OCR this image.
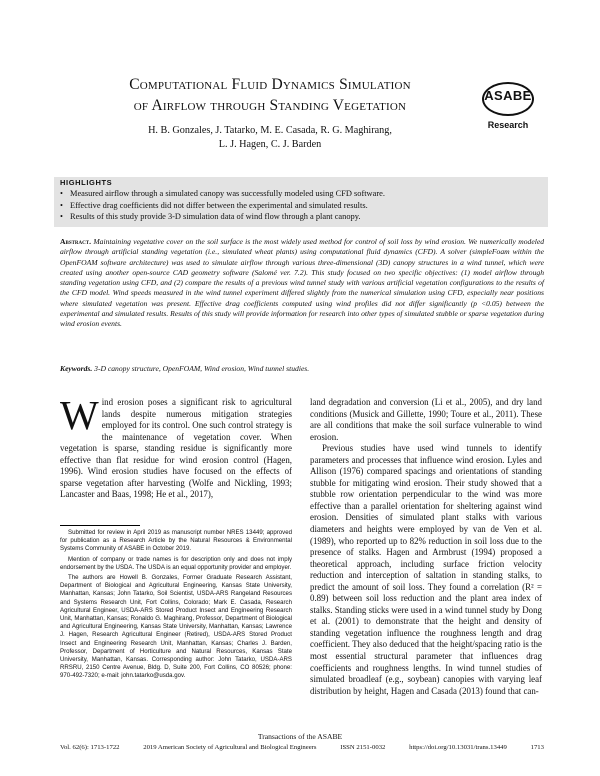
Computational Fluid Dynamics Simulation
of Airflow through Standing Vegetation
H. B. Gonzales, J. Tatarko, M. E. Casada, R. G. Maghirang,
L. J. Hagen, C. J. Barden
ASABE
Research
HIGHLIGHTS
• Measured airflow through a simulated canopy was successfully modeled using CFD software.
• Effective drag coefficients did not differ between the experimental and simulated results.
• Results of this study provide 3-D simulation data of wind flow through a plant canopy.

Abstract. Maintaining vegetative cover on the soil surface is the most widely used method for control of soil loss by wind erosion. We numerically modeled airflow through artificial standing vegetation (i.e., simulated wheat plants) using computational fluid dynamics (CFD). A solver (simpleFoam within the OpenFOAM software architecture) was used to simulate airflow through various three-dimensional (3D) canopy structures in a wind tunnel, which were created using another open-source CAD geometry software (Salomé ver. 7.2). This study focused on two specific objectives: (1) model airflow through standing vegetation using CFD, and (2) compare the results of a previous wind tunnel study with various artificial vegetation configurations to the results of the CFD model. Wind speeds measured in the wind tunnel experiment differed slightly from the numerical simulation using CFD, especially near positions where simulated vegetation was present. Effective drag coefficients computed using wind profiles did not differ significantly (p <0.05) between the experimental and simulated results. Results of this study will provide information for research into other types of simulated stubble or sparse vegetation during wind erosion events.

Keywords. 3-D canopy structure, OpenFOAM, Wind erosion, Wind tunnel studies.

Wind erosion poses a significant risk to agricultural lands despite numerous mitigation strategies employed for its control. One such control strategy is the maintenance of vegetation cover. When vegetation is sparse, standing residue is significantly more effective than flat residue for wind erosion control (Hagen, 1996). Wind erosion studies have focused on the effects of sparse vegetation after harvesting (Wolfe and Nickling, 1993; Lancaster and Baas, 1998; He et al., 2017),

land degradation and conversion (Li et al., 2005), and dry land conditions (Musick and Gillette, 1990; Toure et al., 2011). These are all conditions that make the soil surface vulnerable to wind erosion.

Previous studies have used wind tunnels to identify parameters and processes that influence wind erosion. Lyles and Allison (1976) compared spacings and orientations of standing stubble for mitigating wind erosion. Their study showed that a stubble row orientation perpendicular to the wind was more effective than a parallel orientation for sheltering against wind erosion. Densities of simulated plant stalks with various diameters and heights were employed by van de Ven et al. (1989), who reported up to 82% reduction in soil loss due to the presence of stalks. Hagen and Armbrust (1994) proposed a theoretical approach, including surface friction velocity reduction and interception of saltation in standing stalks, to predict the amount of soil loss. They found a correlation (R² = 0.89) between soil loss reduction and the plant area index of stalks. Standing sticks were used in a wind tunnel study by Dong et al. (2001) to demonstrate that the height and density of standing vegetation influence the roughness length and drag coefficient. They also deduced that the height/spacing ratio is the most essential structural parameter that influences drag coefficients and roughness lengths. In wind tunnel studies of simulated broadleaf (e.g., soybean) canopies with varying leaf distribution by height, Hagen and Casada (2013) found that can-

Submitted for review in April 2019 as manuscript number NRES 13449; approved for publication as a Research Article by the Natural Resources & Environmental Systems Community of ASABE in October 2019.

Mention of company or trade names is for description only and does not imply endorsement by the USDA. The USDA is an equal opportunity provider and employer.

The authors are Howell B. Gonzales, Former Graduate Research Assistant, Department of Biological and Agricultural Engineering, Kansas State University, Manhattan, Kansas; John Tatarko, Soil Scientist, USDA-ARS Rangeland Resources and Systems Research Unit, Fort Collins, Colorado; Mark E. Casada, Research Agricultural Engineer, USDA-ARS Stored Product Insect and Engineering Research Unit, Manhattan, Kansas; Ronaldo G. Maghirang, Professor, Department of Biological and Agricultural Engineering, Kansas State University, Manhattan, Kansas; Lawrence J. Hagen, Research Agricultural Engineer (Retired), USDA-ARS Stored Product Insect and Engineering Research Unit, Manhattan, Kansas; Charles J. Barden, Professor, Department of Horticulture and Natural Resources, Kansas State University, Manhattan, Kansas. Corresponding author: John Tatarko, USDA-ARS RRSRU, 2150 Centre Avenue, Bldg. D, Suite 200, Fort Collins, CO 80526; phone: 970-492-7320; e-mail: john.tatarko@usda.gov.

Transactions of the ASABE
Vol. 62(6): 1713-1722	2019 American Society of Agricultural and Biological Engineers	ISSN 2151-0032	https://doi.org/10.13031/trans.13449	1713
